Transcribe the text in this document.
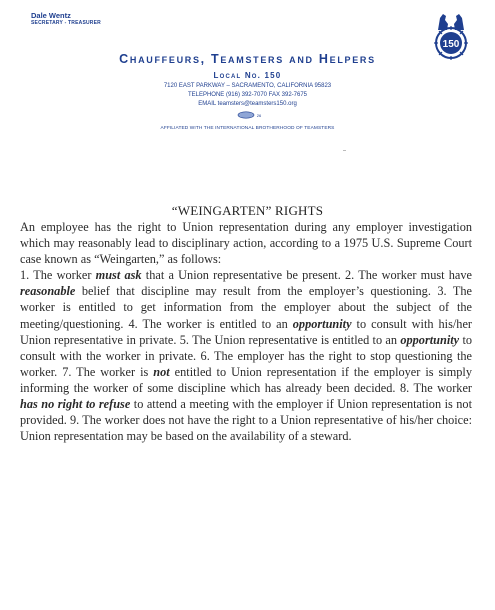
Dale Wentz
SECRETARY - TREASURER
150
Chauffeurs, Teamsters and Helpers
Local No. 150
7120 EAST PARKWAY – SACRAMENTO, CALIFORNIA 95823
TELEPHONE (916) 392-7070 FAX 392-7675
EMAIL teamsters@teamsters150.org
26
AFFILIATED WITH THE INTERNATIONAL BROTHERHOOD OF TEAMSTERS
“WEINGARTEN” RIGHTS

An employee has the right to Union representation during any employer investigation which may reasonably lead to disciplinary action, according to a 1975 U.S. Supreme Court case known as “Weingarten,” as follows:

1. The worker must ask that a Union representative be present. 2. The worker must have reasonable belief that discipline may result from the employer’s questioning. 3. The worker is entitled to get information from the employer about the subject of the meeting/questioning. 4. The worker is entitled to an opportunity to consult with his/her Union representative in private. 5. The Union representative is entitled to an opportunity to consult with the worker in private. 6. The employer has the right to stop questioning the worker. 7. The worker is not entitled to Union representation if the employer is simply informing the worker of some discipline which has already been decided. 8. The worker has no right to refuse to attend a meeting with the employer if Union representation is not provided. 9. The worker does not have the right to a Union representative of his/her choice: Union representation may be based on the availability of a steward.
